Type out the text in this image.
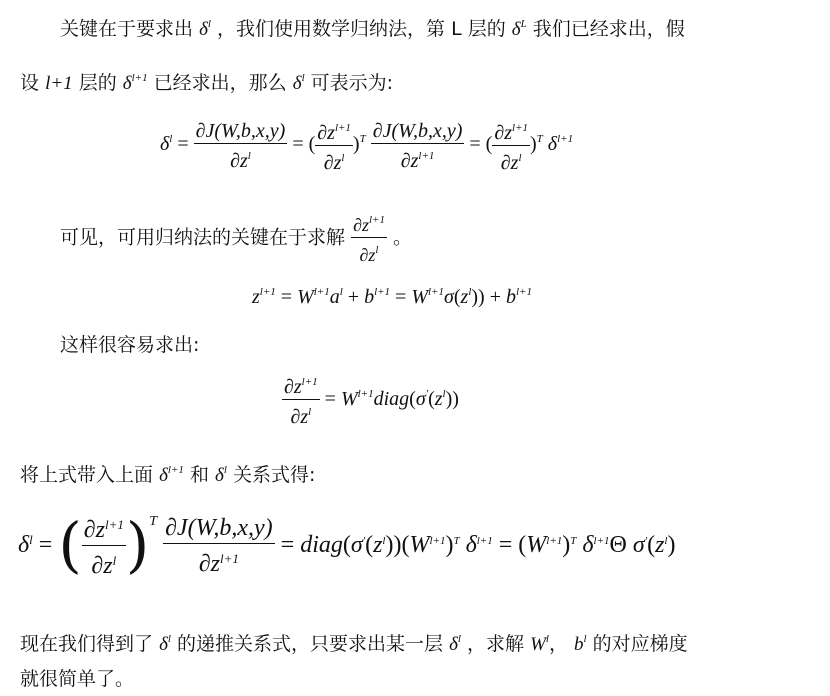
关键在于要求出 $\delta^l$ ，我们使用数学归纳法，第 L 层的 $\delta^L$ 我们已经求出，假
设 l+1 层的 $\delta^{l+1}$ 已经求出，那么 $\delta^l$ 可表示为:
$\delta^l = \frac{\partial J(W,b,x,y)}{\partial z^l}$ = ( $\frac{\partial z^{l+1}}{\partial z^l} )^T \frac{\partial J(W,b,x,y)}{\partial z^{l+1}}$ = ( $\frac{\partial z^{l+1}}{\partial z^l} )^T$ $\delta^{l+1}$
可见，可用归纳法的关键在于求解 $\frac{\partial z^{l+1}}{\partial z^l}$ 。
$z^{l+1} = W^{l+1}a^l + b^{l+1} = W^{l+1}\sigma(z^l)) + b^{l+1}$
这样很容易求出:
$\frac{\partial z^{l+1}}{\partial z^l}$ = $W^{l+1}diag(\sigma'(z^l))$
将上式带入上面 $\delta^{l+1}$ 和 $\delta^l$ 关系式得:
$\delta^l$ = ( $\frac{\partial z^{l+1}}{\partial z^l} )^T \frac{\partial J(W,b,x,y)}{\partial z^{l+1}}$ = $diag(\sigma'(z^l))(W^{l+1})^T$ $\delta^{l+1} = (W^{l+1})^T$ $\delta^{l+1}\Theta$ $\sigma'(z^l)$
现在我们得到了 $\delta^l$ 的递推关系式，只要求出某一层 $\delta^l$ ，求解 $W^l$， $b^l$ 的对应梯度
就很简单了。
